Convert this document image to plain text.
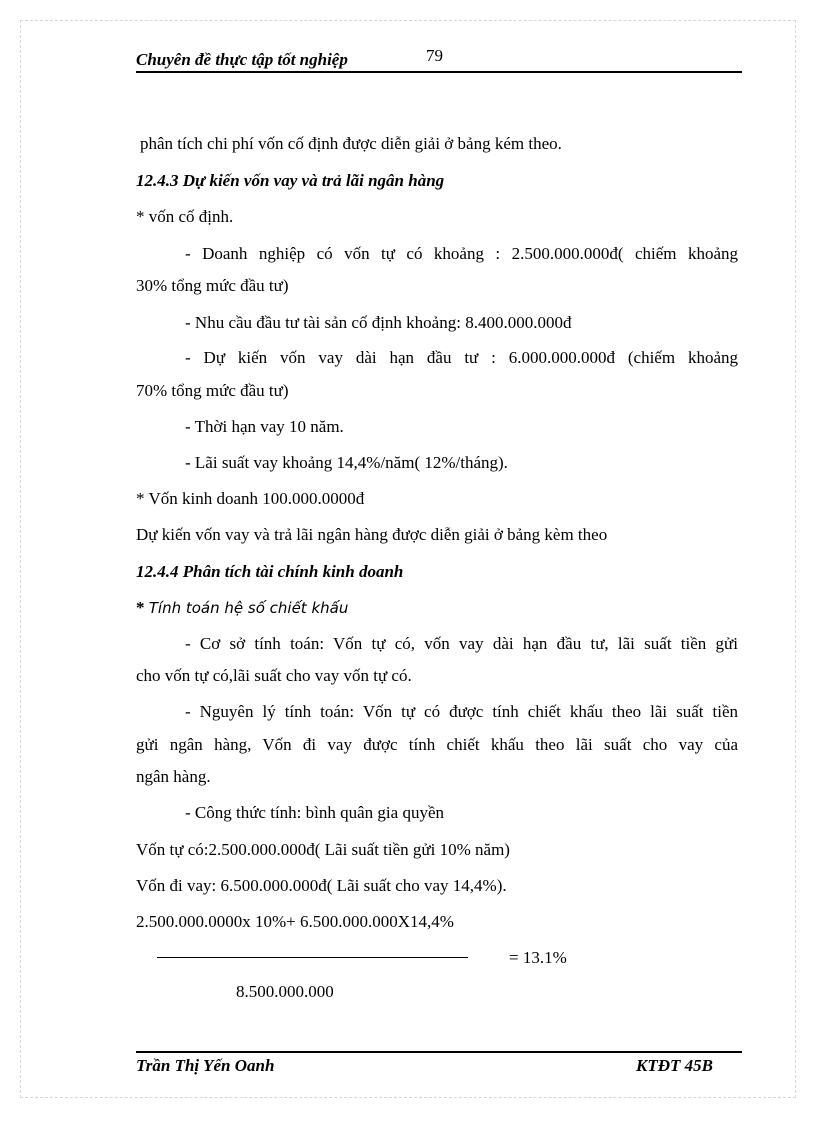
Chuyên đề thực tập tốt nghiệp	79
phân tích chi phí vốn cố định được diễn giải ở bảng kém theo.
12.4.3 Dự kiến vốn vay và trả lãi ngân hàng
* vốn cố định.
- Doanh nghiệp có vốn tự có khoảng : 2.500.000.000đ( chiếm khoảng
30% tổng mức đầu tư)
- Nhu cầu đầu tư tài sản cố định khoảng: 8.400.000.000đ
- Dự kiến vốn vay dài hạn đầu tư : 6.000.000.000đ (chiếm khoảng
70% tổng mức đầu tư)
- Thời hạn vay 10 năm.
- Lãi suất vay khoảng 14,4%/năm( 12%/tháng).
* Vốn kinh doanh 100.000.0000đ
Dự kiến vốn vay và trả lãi ngân hàng được diễn giải ở bảng kèm theo
12.4.4 Phân tích tài chính kinh doanh
* Tính toán hệ số chiết khấu
- Cơ sở tính toán: Vốn tự có, vốn vay dài hạn đầu tư, lãi suất tiền gửi
cho vốn tự có,lãi suất cho vay vốn tự có.
- Nguyên lý tính toán: Vốn tự có được tính chiết khấu theo lãi suất tiền
gửi ngân hàng, Vốn đi vay được tính chiết khấu theo lãi suất cho vay của
ngân hàng.
- Công thức tính: bình quân gia quyền
Vốn tự có:2.500.000.000đ( Lãi suất tiền gửi 10% năm)
Vốn đi vay: 6.500.000.000đ( Lãi suất cho vay 14,4%).
2.500.000.0000x 10%+ 6.500.000.000X14,4%
= 13.1%
8.500.000.000
Trần Thị Yến Oanh	KTĐT 45B
